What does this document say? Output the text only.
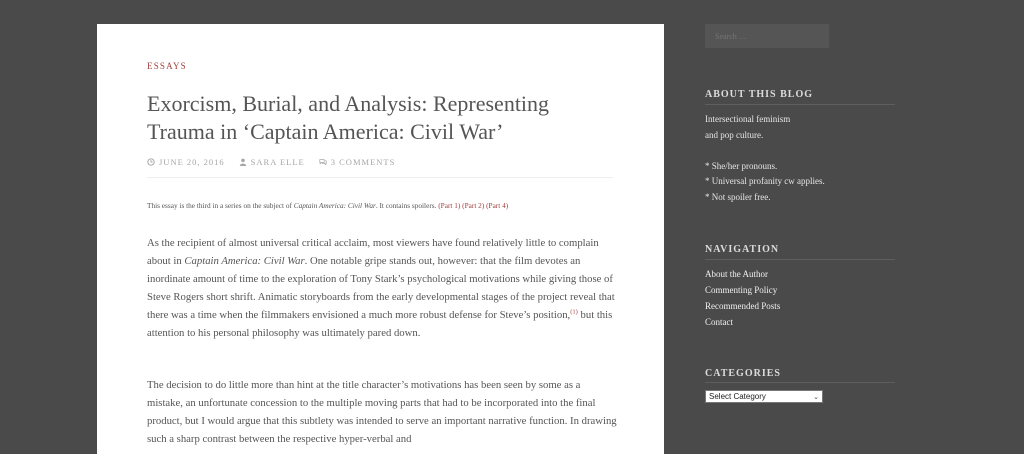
ESSAYS
Exorcism, Burial, and Analysis: Representing Trauma in ‘Captain America: Civil War’
JUNE 20, 2016	SARA ELLE	3 COMMENTS
This essay is the third in a series on the subject of Captain America: Civil War. It contains spoilers. (Part 1) (Part 2) (Part 4)

As the recipient of almost universal critical acclaim, most viewers have found relatively little to complain about in Captain America: Civil War. One notable gripe stands out, however: that the film devotes an inordinate amount of time to the exploration of Tony Stark’s psychological motivations while giving those of Steve Rogers short shrift. Animatic storyboards from the early developmental stages of the project reveal that there was a time when the filmmakers envisioned a much more robust defense for Steve’s position,$^{(1)}$ but this attention to his personal philosophy was ultimately pared down.

The decision to do little more than hint at the title character’s motivations has been seen by some as a mistake, an unfortunate concession to the multiple moving parts that had to be incorporated into the final product, but I would argue that this subtlety was intended to serve an important narrative function. In drawing such a sharp contrast between the respective hyper-verbal and

Search …
ABOUT THIS BLOG
Intersectional feminism
and pop culture.
* She/her pronouns.
* Universal profanity cw applies.
* Not spoiler free.
NAVIGATION
About the Author
Commenting Policy
Recommended Posts
Contact
CATEGORIES
Select Category	⌄
